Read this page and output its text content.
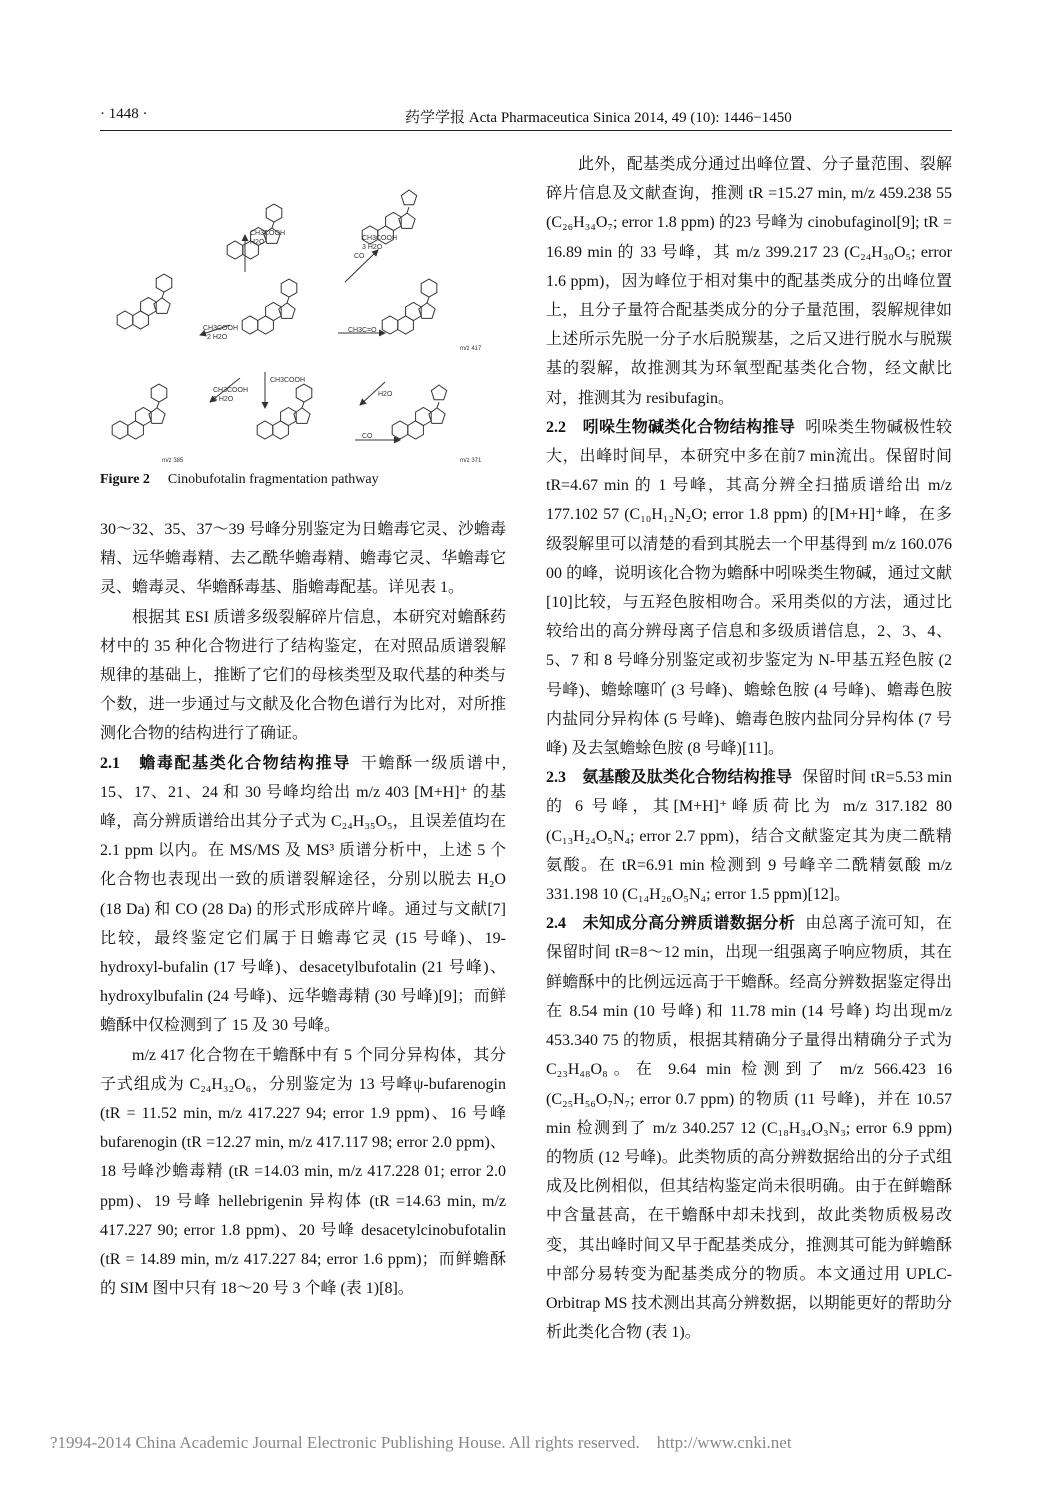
· 1448 ·	药学学报 Acta Pharmaceutica Sinica 2014, 49 (10): 1446−1450
CH3COOH
H2O
CH3COOH
3 H2O
CO
CH3COOH
2 H2O
CH3C=O
CH3COOH
3 H2O
CH3COOH
H2O
CO
m/z 417
m/z 385	m/z 371
Figure 2 Cinobufotalin fragmentation pathway

30～32、35、37～39 号峰分别鉴定为日蟾毒它灵、沙蟾毒精、远华蟾毒精、去乙酰华蟾毒精、蟾毒它灵、华蟾毒它灵、蟾毒灵、华蟾酥毒基、脂蟾毒配基。详见表 1。

根据其 ESI 质谱多级裂解碎片信息，本研究对蟾酥药材中的 35 种化合物进行了结构鉴定，在对照品质谱裂解规律的基础上，推断了它们的母核类型及取代基的种类与个数，进一步通过与文献及化合物色谱行为比对，对所推测化合物的结构进行了确证。

2.1　蟾毒配基类化合物结构推导 干蟾酥一级质谱中, 15、17、21、24 和 30 号峰均给出 m/z 403 [M+H]⁺ 的基峰，高分辨质谱给出其分子式为 C₂₄H₃₅O₅，且误差值均在 2.1 ppm 以内。在 MS/MS 及 MS³ 质谱分析中，上述 5 个化合物也表现出一致的质谱裂解途径，分别以脱去 H₂O (18 Da) 和 CO (28 Da) 的形式形成碎片峰。通过与文献[7]比较，最终鉴定它们属于日蟾毒它灵 (15 号峰)、19-hydroxyl-bufalin (17 号峰)、desacetylbufotalin (21 号峰)、hydroxylbufalin (24 号峰)、远华蟾毒精 (30 号峰)[9]；而鲜蟾酥中仅检测到了 15 及 30 号峰。

m/z 417 化合物在干蟾酥中有 5 个同分异构体，其分子式组成为 C₂₄H₃₂O₆，分别鉴定为 13 号峰ψ-bufarenogin (tR = 11.52 min, m/z 417.227 94; error 1.9 ppm)、16 号峰 bufarenogin (tR =12.27 min, m/z 417.117 98; error 2.0 ppm)、18 号峰沙蟾毒精 (tR =14.03 min, m/z 417.228 01; error 2.0 ppm)、19 号峰 hellebrigenin 异构体 (tR =14.63 min, m/z 417.227 90; error 1.8 ppm)、20 号峰 desacetylcinobufotalin (tR = 14.89 min, m/z 417.227 84; error 1.6 ppm)；而鲜蟾酥的 SIM 图中只有 18～20 号 3 个峰 (表 1)[8]。

此外，配基类成分通过出峰位置、分子量范围、裂解碎片信息及文献查询，推测 tR =15.27 min, m/z 459.238 55 (C₂₆H₃₄O₇; error 1.8 ppm) 的23 号峰为 cinobufaginol[9]; tR = 16.89 min 的 33 号峰，其 m/z 399.217 23 (C₂₄H₃₀O₅; error 1.6 ppm)，因为峰位于相对集中的配基类成分的出峰位置上，且分子量符合配基类成分的分子量范围，裂解规律如上述所示先脱一分子水后脱羰基，之后又进行脱水与脱羰基的裂解，故推测其为环氧型配基类化合物，经文献比对，推测其为 resibufagin。

2.2　吲哚生物碱类化合物结构推导 吲哚类生物碱极性较大，出峰时间早，本研究中多在前7 min流出。保留时间 tR=4.67 min 的 1 号峰，其高分辨全扫描质谱给出 m/z 177.102 57 (C₁₀H₁₂N₂O; error 1.8 ppm) 的[M+H]⁺峰，在多级裂解里可以清楚的看到其脱去一个甲基得到 m/z 160.076 00 的峰，说明该化合物为蟾酥中吲哚类生物碱，通过文献[10]比较，与五羟色胺相吻合。采用类似的方法，通过比较给出的高分辨母离子信息和多级质谱信息，2、3、4、5、7 和 8 号峰分别鉴定或初步鉴定为 N-甲基五羟色胺 (2 号峰)、蟾蜍噻吖 (3 号峰)、蟾蜍色胺 (4 号峰)、蟾毒色胺内盐同分异构体 (5 号峰)、蟾毒色胺内盐同分异构体 (7 号峰) 及去氢蟾蜍色胺 (8 号峰)[11]。

2.3　氨基酸及肽类化合物结构推导 保留时间 tR=5.53 min 的 6 号峰，其[M+H]⁺峰质荷比为 m/z 317.182 80 (C₁₃H₂₄O₅N₄; error 2.7 ppm)，结合文献鉴定其为庚二酰精氨酸。在 tR=6.91 min 检测到 9 号峰辛二酰精氨酸 m/z 331.198 10 (C₁₄H₂₆O₅N₄; error 1.5 ppm)[12]。

2.4　未知成分高分辨质谱数据分析 由总离子流可知，在保留时间 tR=8～12 min，出现一组强离子响应物质，其在鲜蟾酥中的比例远远高于干蟾酥。经高分辨数据鉴定得出在 8.54 min (10 号峰) 和 11.78 min (14 号峰) 均出现m/z 453.340 75 的物质，根据其精确分子量得出精确分子式为 C₂₃H₄₈O₈。在 9.64 min 检测到了 m/z 566.423 16 (C₂₅H₅₆O₇N₇; error 0.7 ppm) 的物质 (11 号峰)，并在 10.57 min 检测到了 m/z 340.257 12 (C₁₈H₃₄O₃N₃; error 6.9 ppm) 的物质 (12 号峰)。此类物质的高分辨数据给出的分子式组成及比例相似，但其结构鉴定尚未很明确。由于在鲜蟾酥中含量甚高，在干蟾酥中却未找到，故此类物质极易改变，其出峰时间又早于配基类成分，推测其可能为鲜蟾酥中部分易转变为配基类成分的物质。本文通过用 UPLC-Orbitrap MS 技术测出其高分辨数据，以期能更好的帮助分析此类化合物 (表 1)。

?1994-2014 China Academic Journal Electronic Publishing House. All rights reserved. http://www.cnki.net
